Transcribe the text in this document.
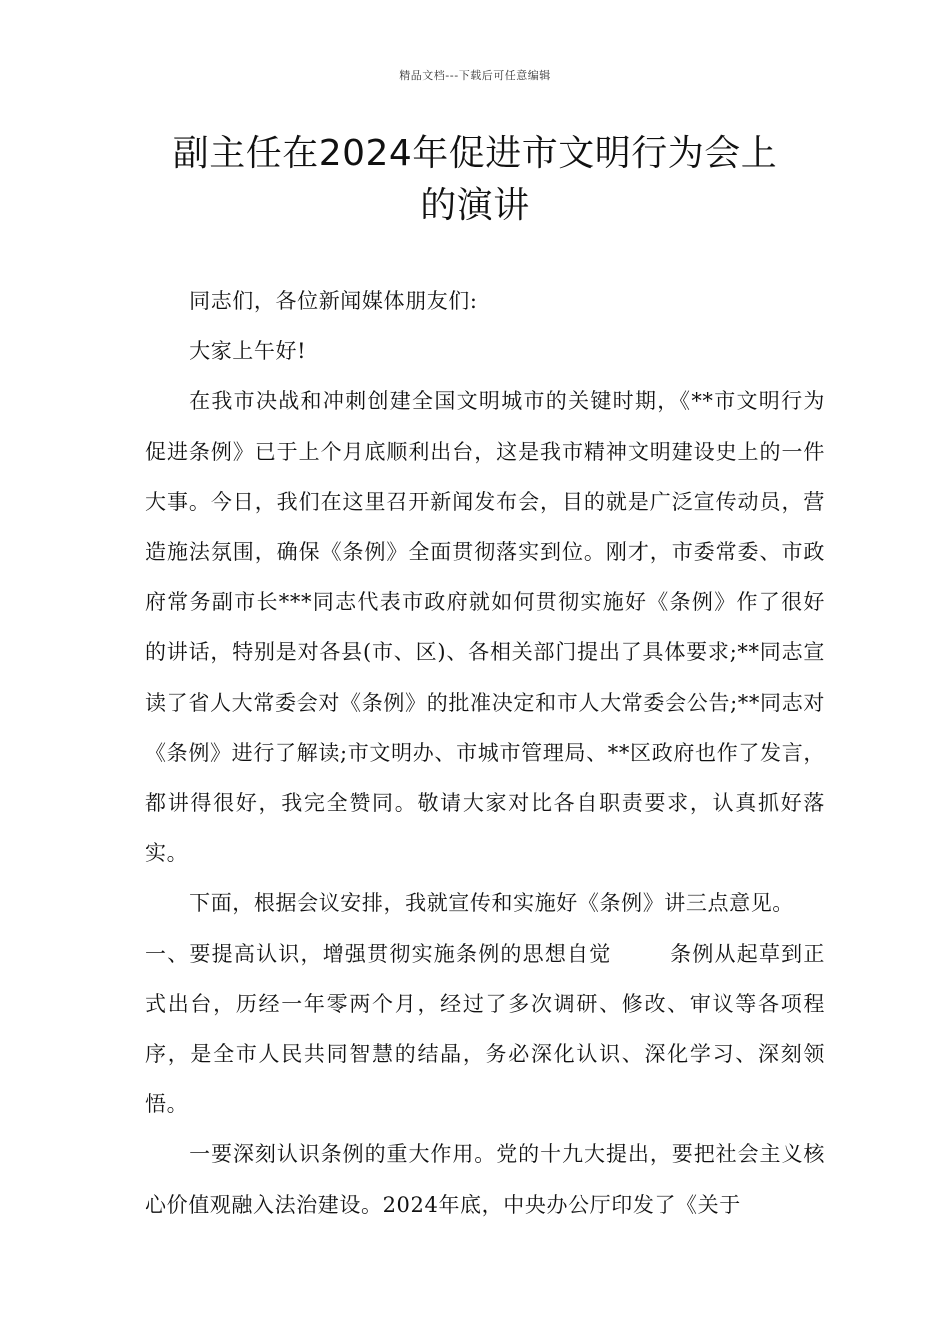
精品文档---下载后可任意编辑
副主任在2024年促进市文明行为会上
的演讲

同志们，各位新闻媒体朋友们:

大家上午好!

在我市决战和冲刺创建全国文明城市的关键时期，《**市文明行为促进条例》已于上个月底顺利出台，这是我市精神文明建设史上的一件大事。今日，我们在这里召开新闻发布会，目的就是广泛宣传动员，营造施法氛围，确保《条例》全面贯彻落实到位。刚才，市委常委、市政府常务副市长***同志代表市政府就如何贯彻实施好《条例》作了很好的讲话，特别是对各县(市、区)、各相关部门提出了具体要求;**同志宣读了省人大常委会对《条例》的批准决定和市人大常委会公告;**同志对《条例》进行了解读;市文明办、市城市管理局、**区政府也作了发言，都讲得很好，我完全赞同。敬请大家对比各自职责要求，认真抓好落实。

下面，根据会议安排，我就宣传和实施好《条例》讲三点意见。

一、要提高认识，增强贯彻实施条例的思想自觉	条例从起草到正式出台，历经一年零两个月，经过了多次调研、修改、审议等各项程序，是全市人民共同智慧的结晶，务必深化认识、深化学习、深刻领悟。

一要深刻认识条例的重大作用。党的十九大提出，要把社会主义核心价值观融入法治建设。2024年底，中央办公厅印发了《关于
